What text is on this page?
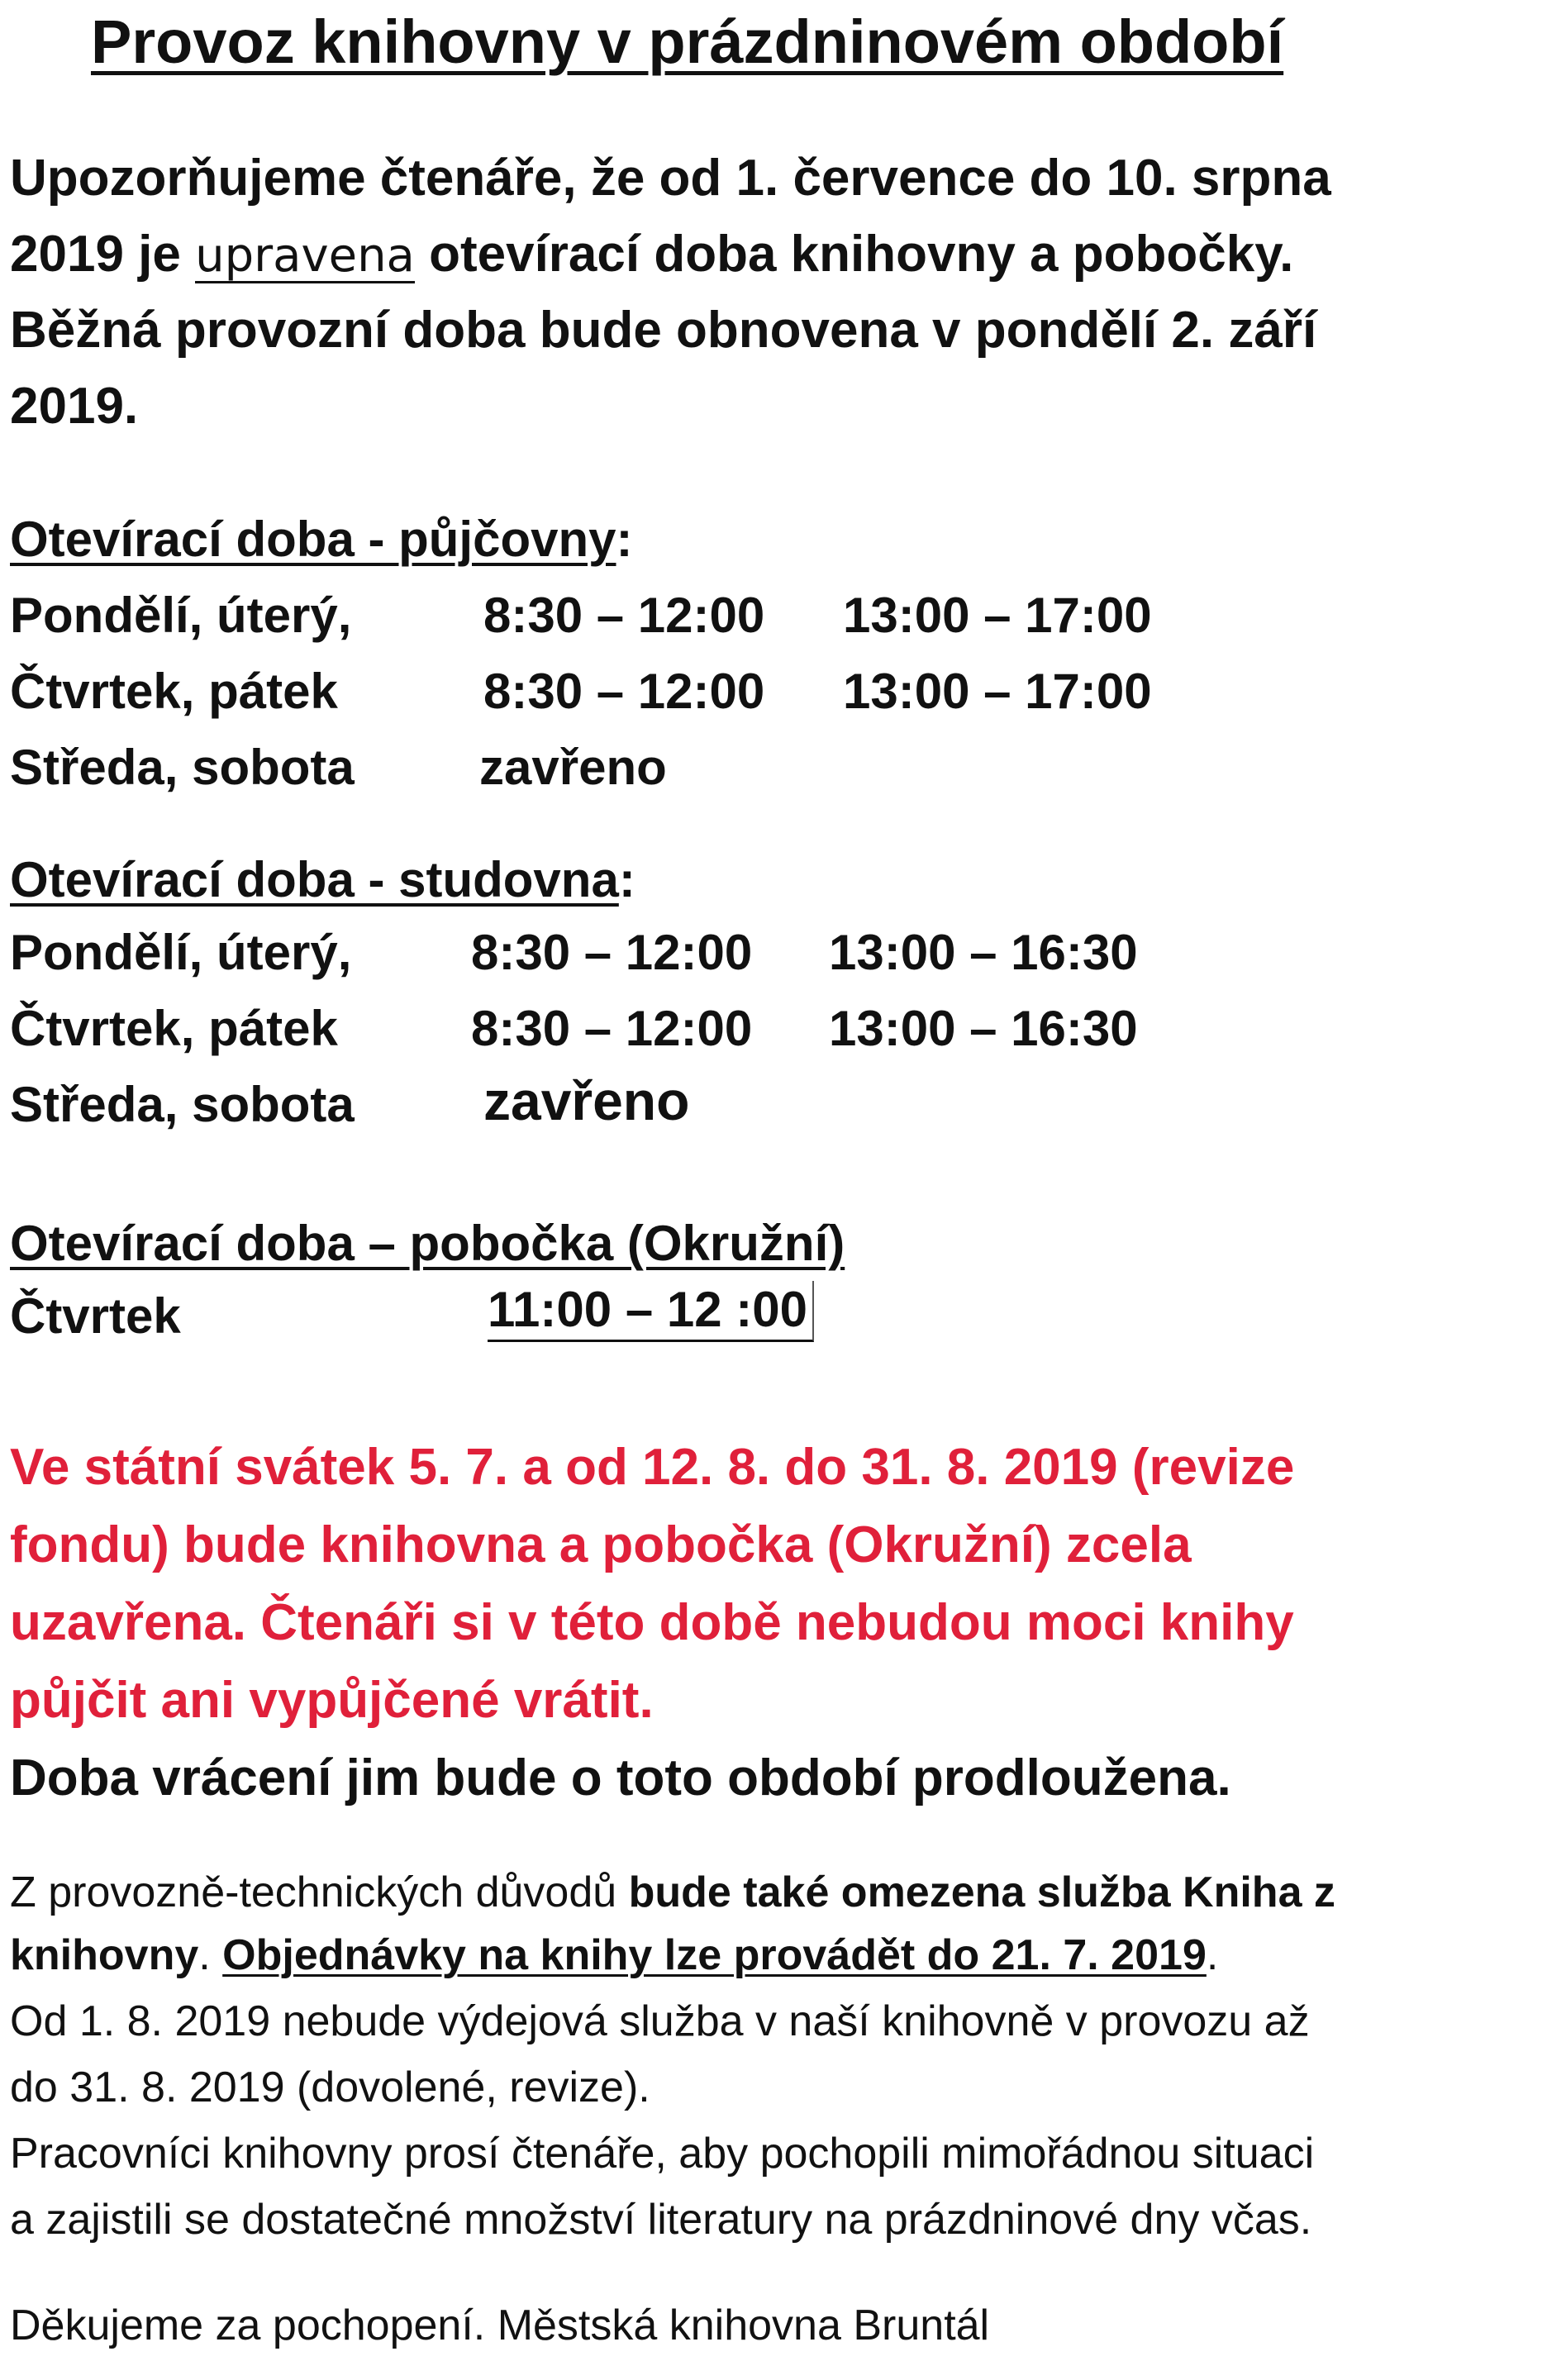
Provoz knihovny v prázdninovém období
Upozorňujeme čtenáře, že od 1. července do 10. srpna
2019 je upravena otevírací doba knihovny a pobočky.
Běžná provozní doba bude obnovena v pondělí 2. září
2019.
Otevírací doba - půjčovny:
Pondělí, úterý,	8:30 – 12:00 13:00 – 17:00
Čtvrtek, pátek	8:30 – 12:00 13:00 – 17:00
Středa, sobota	zavřeno
Otevírací doba - studovna:
Pondělí, úterý, 8:30 – 12:00 13:00 – 16:30
Čtvrtek, pátek	8:30 – 12:00 13:00 – 16:30
Středa, sobota zavřeno
Otevírací doba – pobočka (Okružní)
Čtvrtek	11:00 – 12 :00
Ve státní svátek 5. 7. a od 12. 8. do 31. 8. 2019 (revize
fondu) bude knihovna a pobočka (Okružní) zcela
uzavřena. Čtenáři si v této době nebudou moci knihy
půjčit ani vypůjčené vrátit.
Doba vrácení jim bude o toto období prodloužena.
Z provozně-technických důvodů bude také omezena služba Kniha z
knihovny. Objednávky na knihy lze provádět do 21. 7. 2019.
Od 1. 8. 2019 nebude výdejová služba v naší knihovně v provozu až
do 31. 8. 2019 (dovolené, revize).
Pracovníci knihovny prosí čtenáře, aby pochopili mimořádnou situaci
a zajistili se dostatečné množství literatury na prázdninové dny včas.
Děkujeme za pochopení. Městská knihovna Bruntál
